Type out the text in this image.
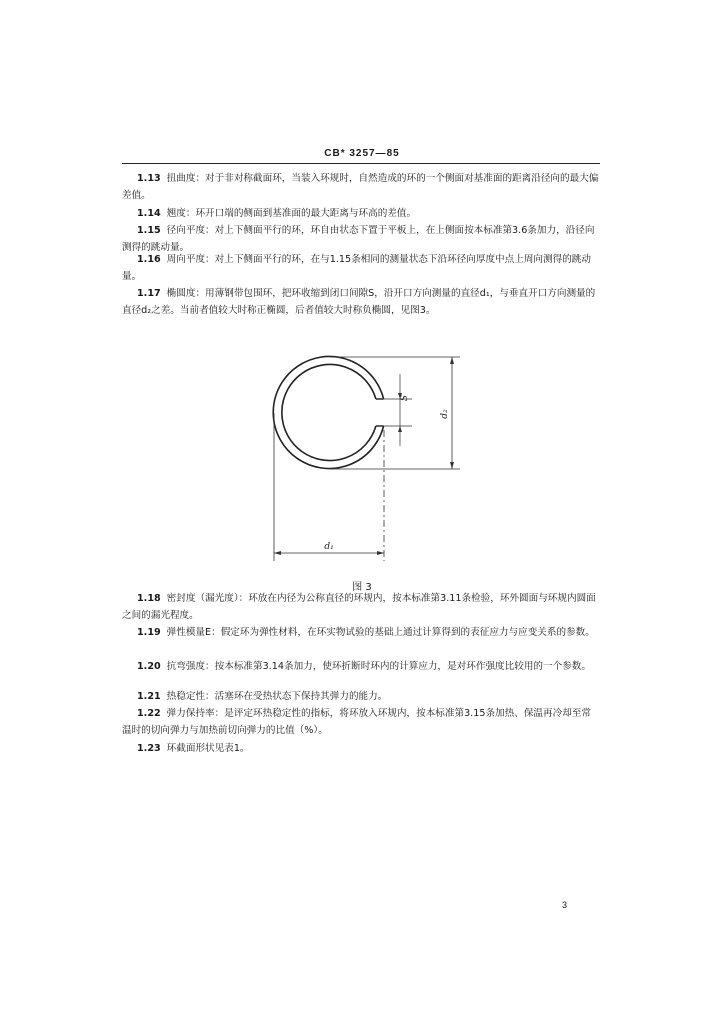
CB* 3257—85
1.13 扭曲度：对于非对称截面环，当装入环规时，自然造成的环的一个侧面对基准面的距离沿径向的最大偏差值。
1.14 翘度：环开口端的侧面到基准面的最大距离与环高的差值。
1.15 径向平度：对上下侧面平行的环，环自由状态下置于平板上，在上侧面按本标准第3.6条加力，沿径向测得的跳动量。
1.16 周向平度：对上下侧面平行的环，在与1.15条相同的测量状态下沿环径向厚度中点上周向测得的跳动量。
1.17 椭圆度：用薄钢带包围环，把环收缩到闭口间隙S，沿开口方向测量的直径d₁，与垂直开口方向测量的直径d₂之差。当前者值较大时称正椭圆，后者值较大时称负椭圆，见图3。
S
d₂
d₁
图 3
1.18 密封度（漏光度）：环放在内径为公称直径的环规内，按本标准第3.11条检验，环外圆面与环规内圆面之间的漏光程度。
1.19 弹性模量E：假定环为弹性材料，在环实物试验的基础上通过计算得到的表征应力与应变关系的参数。
1.20 抗弯强度：按本标准第3.14条加力，使环折断时环内的计算应力，是对环作强度比较用的一个参数。
1.21 热稳定性：活塞环在受热状态下保持其弹力的能力。
1.22 弹力保持率：是评定环热稳定性的指标，将环放入环规内，按本标准第3.15条加热、保温再冷却至常温时的切向弹力与加热前切向弹力的比值（%）。
1.23 环截面形状见表1。
3
